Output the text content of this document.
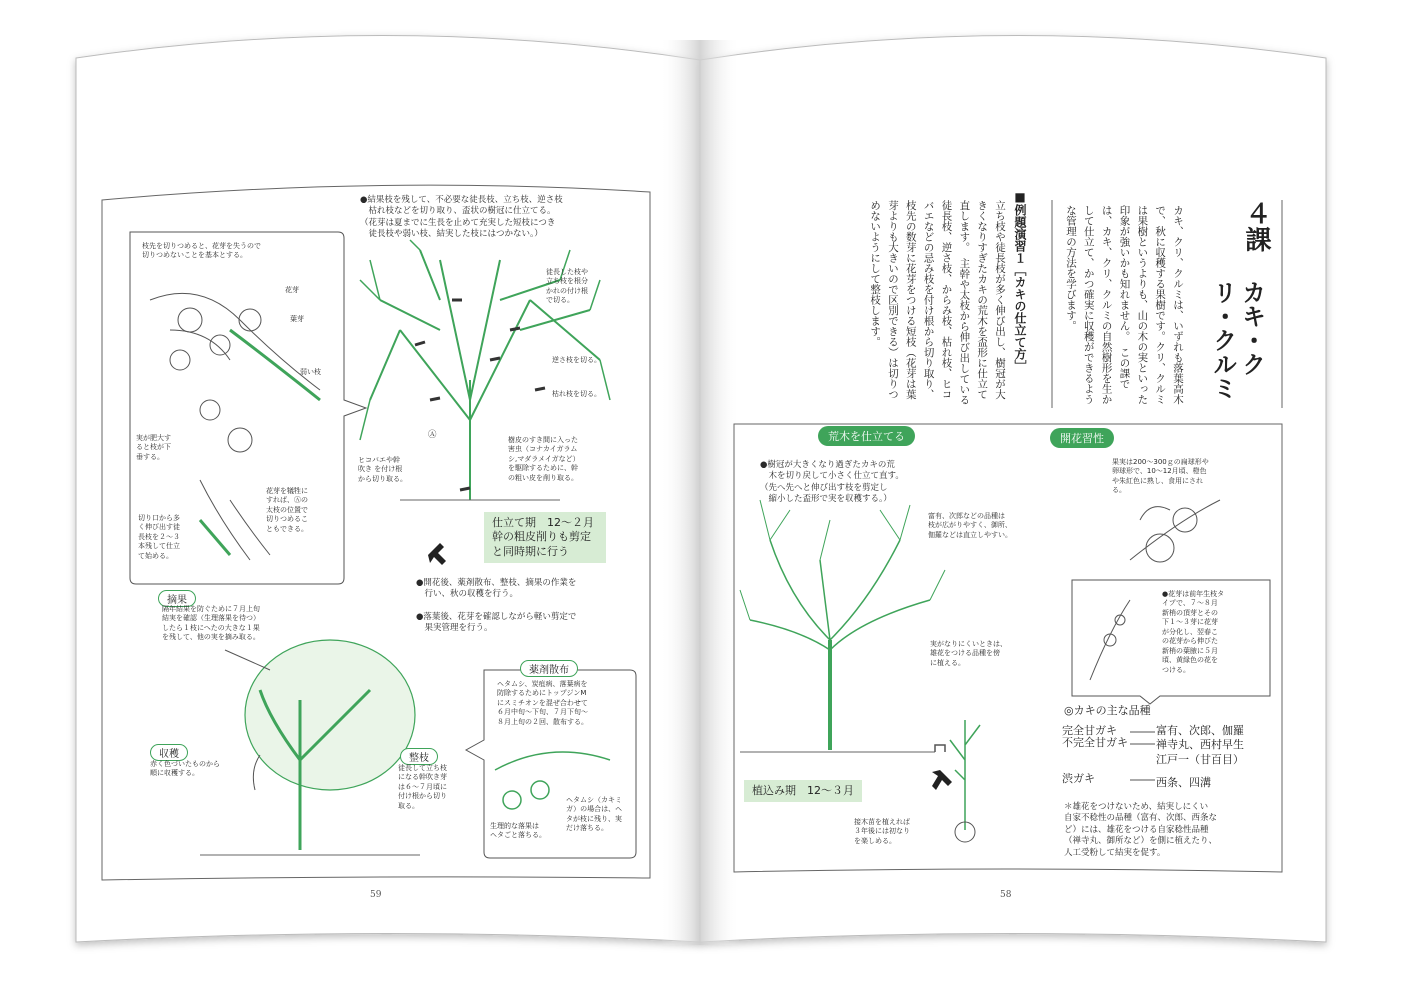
●結果枝を残して、不必要な徒長枝、立ち枝、逆さ枝
　枯れ枝などを切り取り、盃状の樹冠に仕立てる。
（花芽は夏までに生長を止めて充実した短枝につき
　徒長枝や弱い枝、結実した枝にはつかない。）
枝先を切りつめると、花芽を失うので
切りつめないことを基本とする。
花芽
葉芽
弱い枝
実が肥大す
ると枝が下
垂する。
徒長した枝や
立ち枝を根分
かれの付け根
で切る。
逆さ枝を切る。
枯れ枝を切る。
切り口から多
く伸び出す徒
長枝を２～３
本残して仕立
て始める。
花芽を犠牲に
すれば、Ⓐの
太枝の位置で
切りつめるこ
ともできる。
ヒコバエや幹
吹き を付け根
から切り取る。
樹皮のすき間に入った
害虫（コナカイガラム
シ,マダラメイガなど）
を駆除するために、幹
の粗い皮を削り取る。
Ⓐ
仕立て期　12～２月 幹の粗皮削りも剪定 と同時期に行う
●開花後、薬剤散布、整枝、摘果の作業を
　行い、秋の収穫を行う。
●落葉後、花芽を確認しながら軽い剪定で
　果実管理を行う。
摘果
隔年結果を防ぐために７月上旬
結実を確認（生理落果を待つ）
したら１枝にへたの大きな１果
を残して、他の実を摘み取る。
収穫
赤く色づいたものから
順に収穫する。
整枝
徒長して立ち枝
になる幹吹き芽
は６～７月頃に
付け根から切り
取る。
薬剤散布
ヘタムシ、炭疽病、落葉病を
防除するためにトップジンM
にスミチオンを混ぜ合わせて
６月中旬～下旬、７月下旬～
８月上旬の２回、散布する。
生理的な落果は
ヘタごと落ちる。
ヘタムシ（カキミ
ガ）の場合は、ヘ
タが枝に残り、実
だけ落ちる。
59
４課
カキ・クリ・クルミ
カキ、クリ、クルミは、いずれも落葉高木で、秋に収穫する果樹です。クリ、クルミは果樹というよりも、山の木の実といった印象が強いかも知れません。　この課では、カキ、クリ、クルミの自然樹形を生かして仕立て、かつ確実に収穫ができるような管理の方法を学びます。
■例題演習１［カキの仕立て方］
立ち枝や徒長枝が多く伸び出し、樹冠が大きくなりすぎたカキの荒木を盃形に仕立て直します。　主幹や太枝から伸び出している徒長枝、逆さ枝、からみ枝、枯れ枝、ヒコバエなどの忌み枝を付け根から切り取り、枝先の数芽に花芽をつける短枝（花芽は葉芽よりも大きいので区別できる）は切りつめないようにして整枝します。
荒木を仕立てる
●樹冠が大きくなり過ぎたカキの荒
　木を切り戻して小さく仕立て直す。
（先へ先へと伸び出す枝を剪定し
　縮小した盃形で実を収穫する。）
富有、次郎などの品種は
枝が広がりやすく、御所、
伽羅などは直立しやすい。
実がなりにくいときは、
雄花をつける品種を傍
に植える。
植込み期　12～３月
接木苗を植えれば
３年後には初なり
を楽しめる。
開花習性
果実は200～300ｇの扁球形や
卵球形で、10～12月頃、橙色
や朱紅色に熟し、食用にされ
る。
●花芽は前年生枝タ
イプで、７～８月
新梢の頂芽とその
下１～３芽に花芽
が分化し、翌春こ
の花芽から伸びた
新梢の葉腋に５月
頃、黄緑色の花を
つける。
◎カキの主な品種
完全甘ガキ	富有、次郎、伽羅
不完全甘ガキ	禅寺丸、西村早生
江戸一（甘百目）
渋ガキ	西条、四溝
＊雄花をつけないため、結実しにくい
自家不稔性の品種（富有、次郎、西条な
ど）には、雄花をつける自家稔性品種
（禅寺丸、御所など）を側に植えたり、
人工受粉して結実を促す。
58
